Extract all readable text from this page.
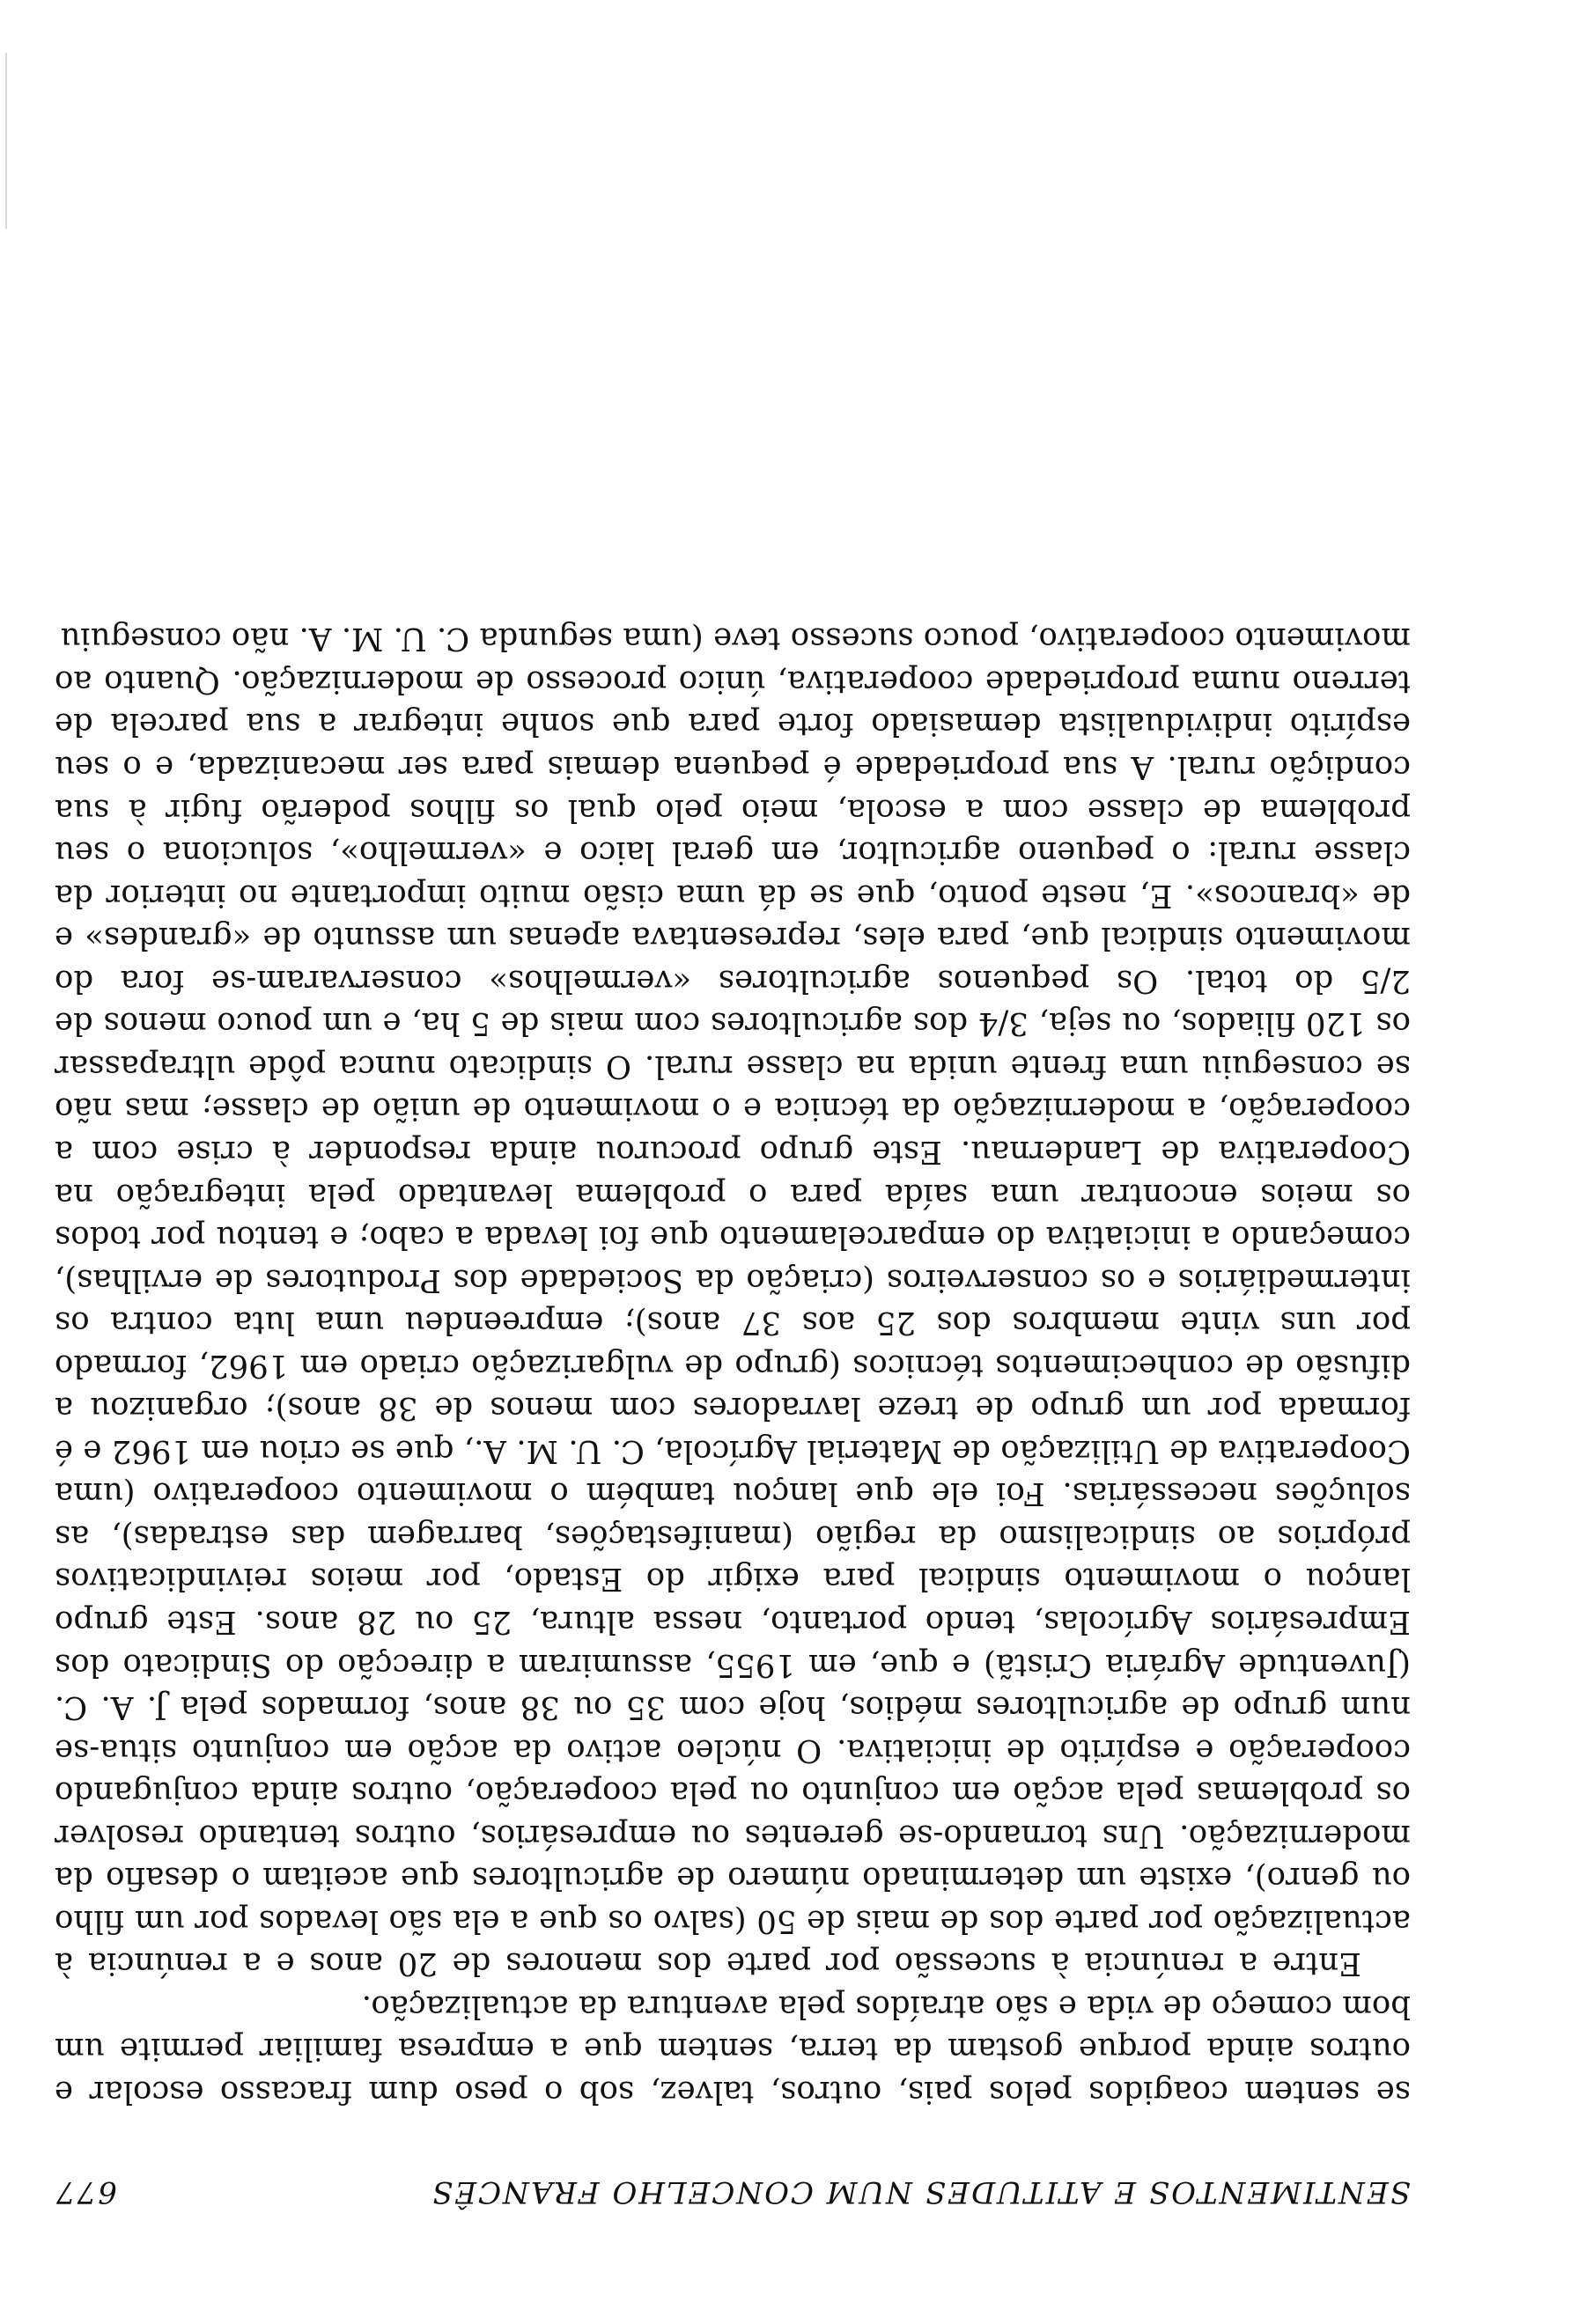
SENTIMENTOS E ATITUDES NUM CONCELHO FRANCÊS
677

se sentem coagidos pelos pais, outros, talvez, sob o peso dum fracasso escolar e outros ainda porque gostam da terra, sentem que a empresa familiar permite um bom começo de vida e são atraídos pela aventura da actualização.

Entre a renúncia à sucessão por parte dos menores de 20 anos e a renúncia à actualização por parte dos de mais de 50 (salvo os que a ela são levados por um filho ou genro), existe um determinado número de agricultores que aceitam o desafio da modernização. Uns tornando-se gerentes ou empresários, outros tentando resolver os problemas pela acção em conjunto ou pela cooperação, outros ainda conjugando cooperação e espírito de iniciativa. O núcleo activo da acção em conjunto situa-se num grupo de agricultores médios, hoje com 35 ou 38 anos, formados pela J. A. C. (Juventude Agrária Cristã) e que, em 1955, assumiram a direcção do Sindicato dos Empresários Agrícolas, tendo portanto, nessa altura, 25 ou 28 anos. Este grupo lançou o movimento sindical para exigir do Estado, por meios reivindicativos próprios ao sindicalismo da região (manifestações, barragem das estradas), as soluções necessárias. Foi ele que lançou também o movimento cooperativo (uma Cooperativa de Utilização de Material Agrícola, C. U. M. A., que se criou em 1962 e é formada por um grupo de treze lavradores com menos de 38 anos); organizou a difusão de conhecimentos técnicos (grupo de vulgarização criado em 1962, formado por uns vinte membros dos 25 aos 37 anos); empreendeu uma luta contra os intermediários e os conserveiros (criação da Sociedade dos Produtores de ervilhas), começando a iniciativa do emparcelamento que foi levada a cabo; e tentou por todos os meios encontrar uma saída para o problema levantado pela integração na Cooperativa de Landernau. Este grupo procurou ainda responder à crise com a cooperação, a modernização da técnica e o movimento de união de classe; mas não se conseguiu uma frente unida na classe rural. O sindicato nunca pôde ultrapassar os 120 filiados, ou seja, 3/4 dos agricultores com mais de 5 ha, e um pouco menos de 2/5 do total. Os pequenos agricultores «vermelhos» conservaram-se fora do movimento sindical que, para eles, representava apenas um assunto de «grandes» e de «brancos». E, neste ponto, que se dá uma cisão muito importante no interior da classe rural: o pequeno agricultor, em geral laico e «vermelho», soluciona o seu problema de classe com a escola, meio pelo qual os filhos poderão fugir à sua condição rural. A sua propriedade é pequena demais para ser mecanizada, e o seu espírito individualista demasiado forte para que sonhe integrar a sua parcela de terreno numa propriedade cooperativa, único processo de modernização. Quanto ao movimento cooperativo, pouco sucesso teve (uma segunda C. U. M. A. não conseguiu
